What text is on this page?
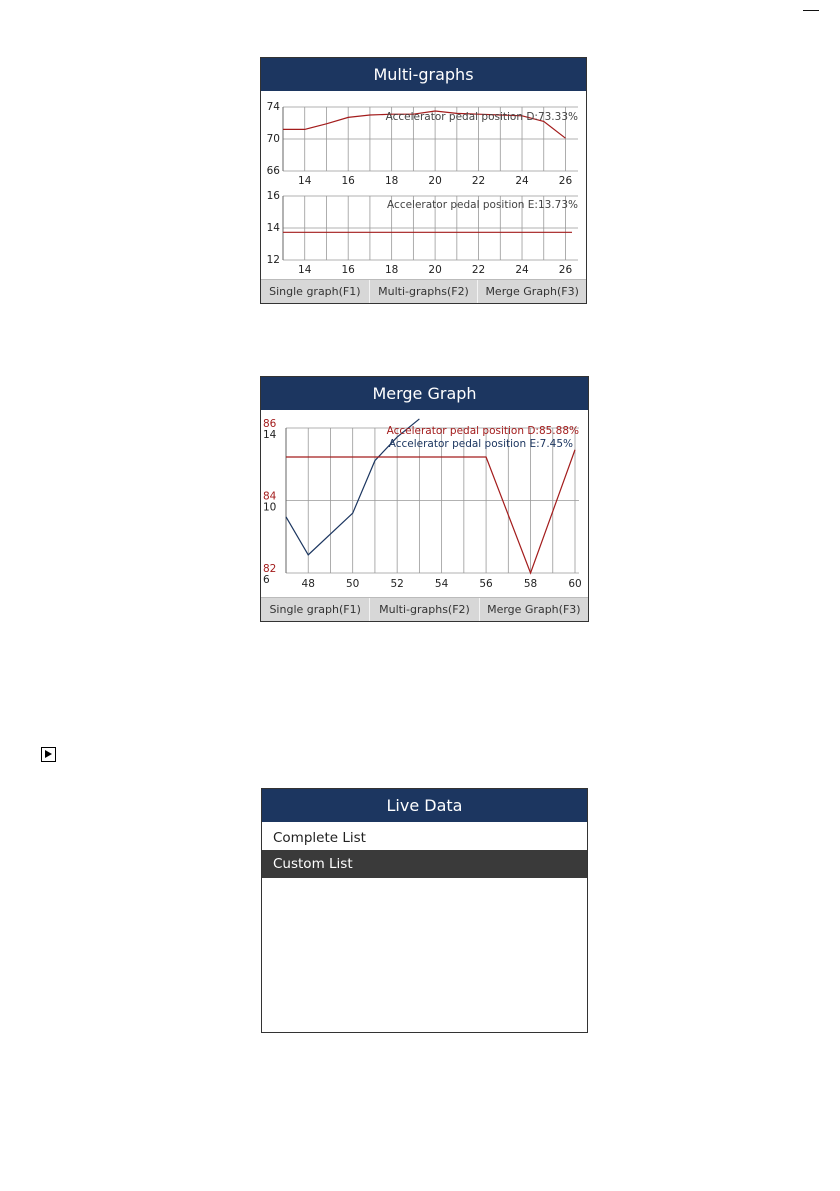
Multi-graphs
66
70
74
14	16	18	20	22	24	26
Accelerator pedal position D:73.33%
12
14
16
14	16	18	20	22	24	26
Accelerator pedal position E:13.73%
Single graph(F1)	Multi-graphs(F2)	Merge Graph(F3)
Merge Graph
82
84
86
6
10
14
48	50	52	54	56	58	60
Accelerator pedal position D:85.88%
Accelerator pedal position E:7.45%
Single graph(F1)	Multi-graphs(F2)	Merge Graph(F3)
Live Data
Complete List
Custom List
